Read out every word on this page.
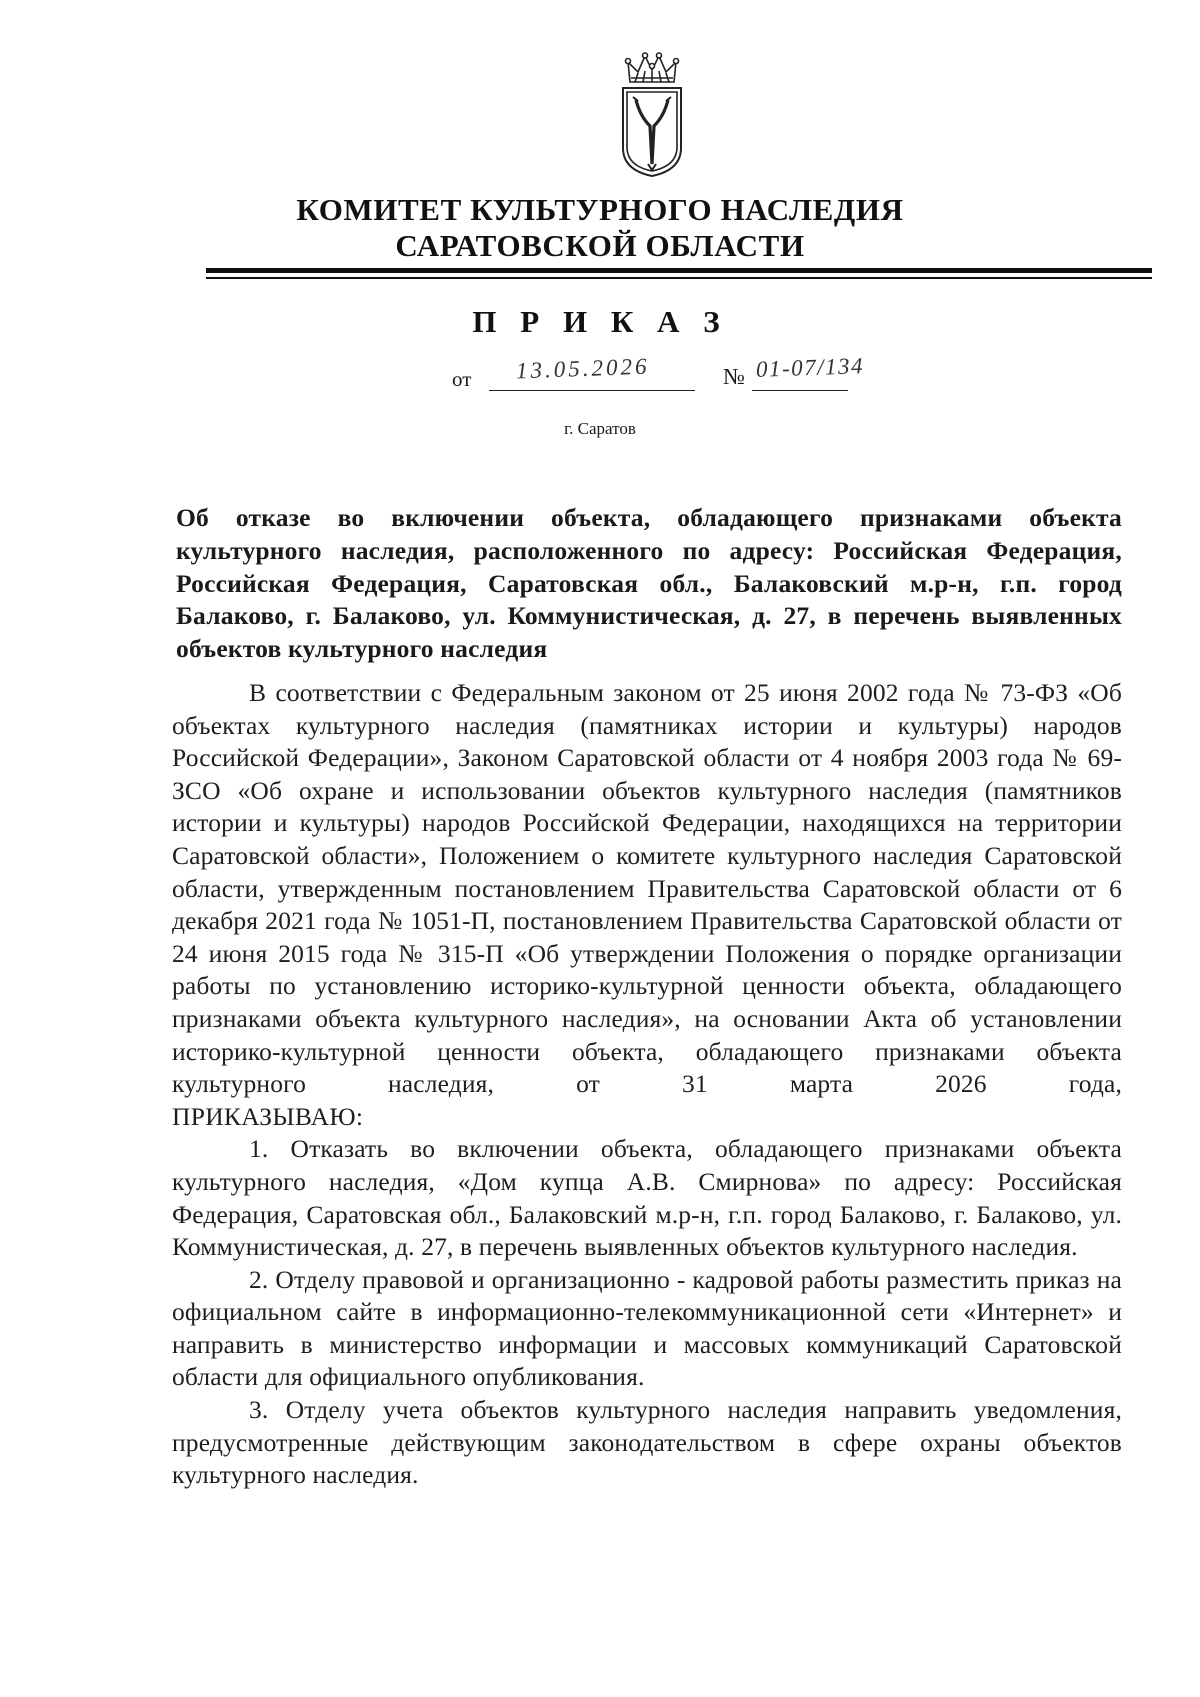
КОМИТЕТ КУЛЬТУРНОГО НАСЛЕДИЯ
САРАТОВСКОЙ ОБЛАСТИ
П Р И К А З
от 13.05.2026	№ 01-07/134
г. Саратов
Об отказе во включении объекта, обладающего признаками объекта культурного наследия, расположенного по адресу: Российская Федерация, Российская Федерация, Саратовская обл., Балаковский м.р-н, г.п. город Балаково, г. Балаково, ул. Коммунистическая, д. 27, в перечень выявленных объектов культурного наследия

В соответствии с Федеральным законом от 25 июня 2002 года № 73-ФЗ «Об объектах культурного наследия (памятниках истории и культуры) народов Российской Федерации», Законом Саратовской области от 4 ноября 2003 года № 69-ЗСО «Об охране и использовании объектов культурного наследия (памятников истории и культуры) народов Российской Федерации, находящихся на территории Саратовской области», Положением о комитете культурного наследия Саратовской области, утвержденным постановлением Правительства Саратовской области от 6 декабря 2021 года № 1051-П, постановлением Правительства Саратовской области от 24 июня 2015 года № 315-П «Об утверждении Положения о порядке организации работы по установлению историко-культурной ценности объекта, обладающего признаками объекта культурного наследия», на основании Акта об установлении историко-культурной ценности объекта, обладающего признаками объекта культурного наследия, от 31 марта 2026 года,

ПРИКАЗЫВАЮ:

1. Отказать во включении объекта, обладающего признаками объекта культурного наследия, «Дом купца А.В. Смирнова» по адресу: Российская Федерация, Саратовская обл., Балаковский м.р-н, г.п. город Балаково, г. Балаково, ул. Коммунистическая, д. 27, в перечень выявленных объектов культурного наследия.

2. Отделу правовой и организационно - кадровой работы разместить приказ на официальном сайте в информационно-телекоммуникационной сети «Интернет» и направить в министерство информации и массовых коммуникаций Саратовской области для официального опубликования.

3. Отделу учета объектов культурного наследия направить уведомления, предусмотренные действующим законодательством в сфере охраны объектов культурного наследия.
